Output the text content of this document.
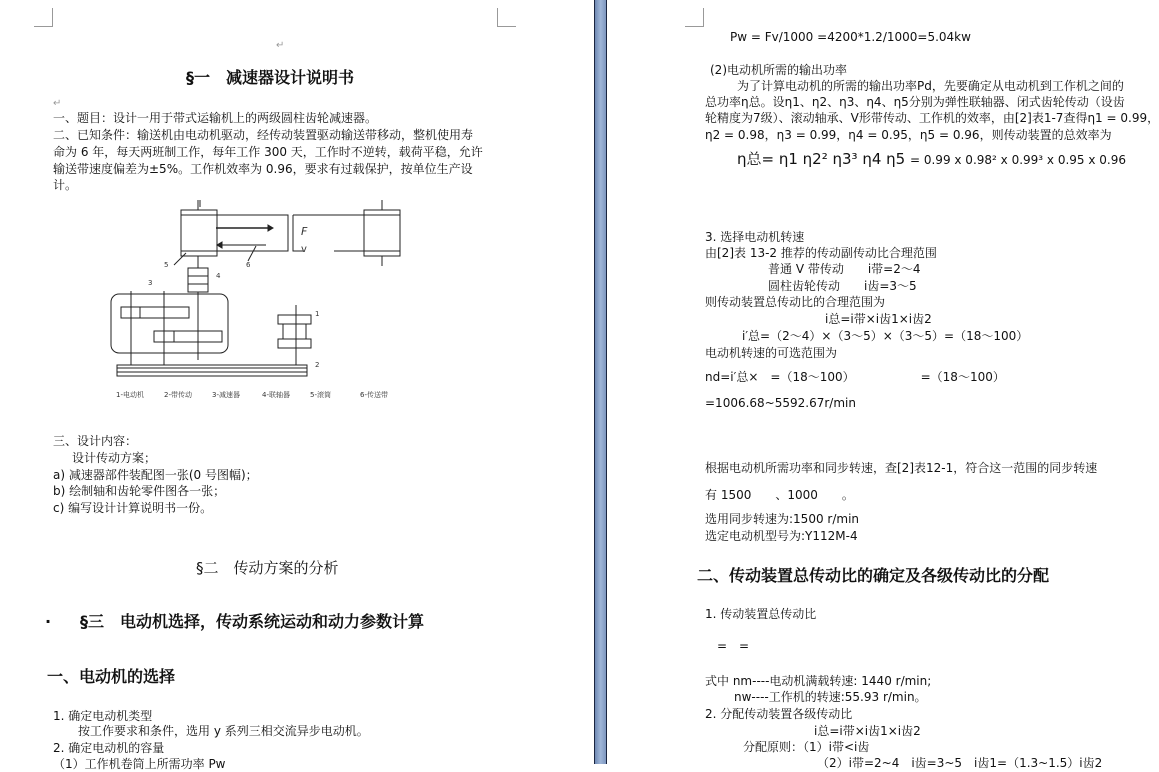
↵
§一　减速器设计说明书
↵
一、题目：设计一用于带式运输机上的两级圆柱齿轮减速器。
二、已知条件：输送机由电动机驱动，经传动装置驱动输送带移动，整机使用寿
命为 6 年，每天两班制工作，每年工作 300 天，工作时不逆转，载荷平稳，允许
输送带速度偏差为±5%。工作机效率为 0.96，要求有过载保护，按单位生产设
计。
5	6
4
3
1
2
F
v
1-电动机	2-带传动	3-减速器	4-联轴器	5-滚筒	6-传送带
三、设计内容：
设计传动方案；
a) 减速器部件装配图一张(0 号图幅)；
b) 绘制轴和齿轮零件图各一张；
c) 编写设计计算说明书一份。
§二　传动方案的分析
· §三　电动机选择，传动系统运动和动力参数计算
一、电动机的选择
1. 确定电动机类型
按工作要求和条件，选用 y 系列三相交流异步电动机。
2. 确定电动机的容量
（1）工作机卷筒上所需功率 Pw
Pw = Fv/1000 =4200*1.2/1000=5.04kw
(2)电动机所需的输出功率
为了计算电动机的所需的输出功率Pd，先要确定从电动机到工作机之间的
总功率η总。设η1、η2、η3、η4、η5分别为弹性联轴器、闭式齿轮传动（设齿
轮精度为7级）、滚动轴承、V形带传动、工作机的效率，由[2]表1-7查得η1 = 0.99，
η2 = 0.98，η3 = 0.99，η4 = 0.95，η5 = 0.96，则传动装置的总效率为
η总= η1 η2² η3³ η4 η5 = 0.99 x 0.98² x 0.99³ x 0.95 x 0.96
3. 选择电动机转速
由[2]表 13-2 推荐的传动副传动比合理范围
普通 V 带传动　　i带=2～4
圆柱齿轮传动　　i齿=3～5
则传动装置总传动比的合理范围为
i总=i带×i齿1×i齿2
i′总=（2～4）×（3～5）×（3～5）=（18～100）
电动机转速的可选范围为
nd=i′总×　=（18～100）　　　　　　=（18～100）
=1006.68~5592.67r/min
根据电动机所需功率和同步转速，查[2]表12-1，符合这一范围的同步转速
有 1500　　、1000　　。
选用同步转速为:1500 r/min
选定电动机型号为:Y112M-4
二、传动装置总传动比的确定及各级传动比的分配
1. 传动装置总传动比
=　=
式中 nm----电动机满载转速: 1440 r/min;
nw----工作机的转速:55.93 r/min。
2. 分配传动装置各级传动比
i总=i带×i齿1×i齿2
分配原则：（1）i带<i齿
（2）i带=2~4　i齿=3~5　i齿1=（1.3~1.5）i齿2
